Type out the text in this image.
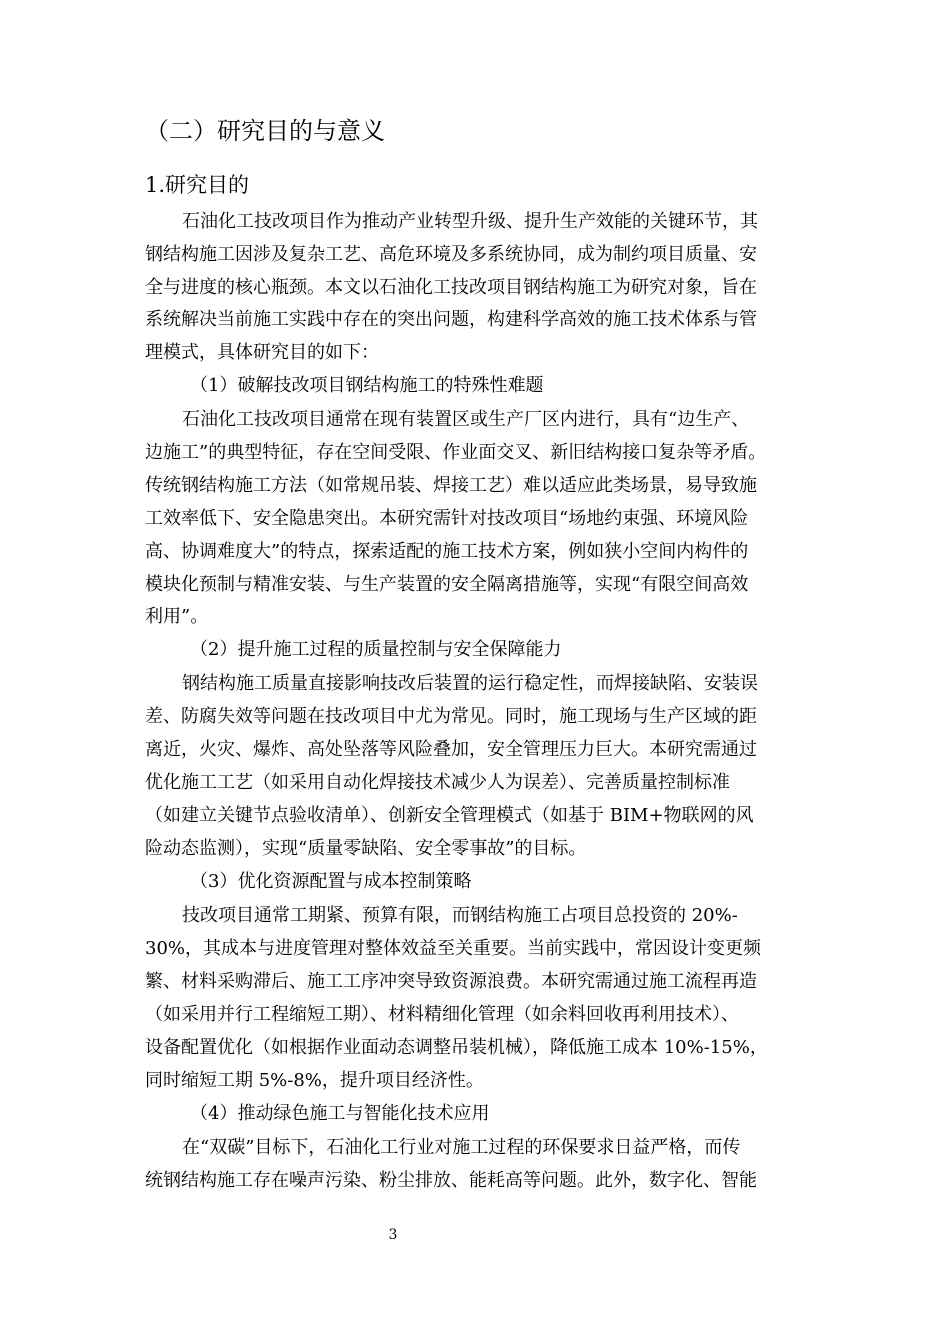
（二）研究目的与意义
1.研究目的
石油化工技改项目作为推动产业转型升级、提升生产效能的关键环节，其
钢结构施工因涉及复杂工艺、高危环境及多系统协同，成为制约项目质量、安
全与进度的核心瓶颈。本文以石油化工技改项目钢结构施工为研究对象，旨在
系统解决当前施工实践中存在的突出问题，构建科学高效的施工技术体系与管
理模式，具体研究目的如下：
（1）破解技改项目钢结构施工的特殊性难题
石油化工技改项目通常在现有装置区或生产厂区内进行，具有“边生产、
边施工”的典型特征，存在空间受限、作业面交叉、新旧结构接口复杂等矛盾。
传统钢结构施工方法（如常规吊装、焊接工艺）难以适应此类场景，易导致施
工效率低下、安全隐患突出。本研究需针对技改项目“场地约束强、环境风险
高、协调难度大”的特点，探索适配的施工技术方案，例如狭小空间内构件的
模块化预制与精准安装、与生产装置的安全隔离措施等，实现“有限空间高效
利用”。
（2）提升施工过程的质量控制与安全保障能力
钢结构施工质量直接影响技改后装置的运行稳定性，而焊接缺陷、安装误
差、防腐失效等问题在技改项目中尤为常见。同时，施工现场与生产区域的距
离近，火灾、爆炸、高处坠落等风险叠加，安全管理压力巨大。本研究需通过
优化施工工艺（如采用自动化焊接技术减少人为误差）、完善质量控制标准
（如建立关键节点验收清单）、创新安全管理模式（如基于 BIM+物联网的风
险动态监测），实现“质量零缺陷、安全零事故”的目标。
（3）优化资源配置与成本控制策略
技改项目通常工期紧、预算有限，而钢结构施工占项目总投资的 20%-
30%，其成本与进度管理对整体效益至关重要。当前实践中，常因设计变更频
繁、材料采购滞后、施工工序冲突导致资源浪费。本研究需通过施工流程再造
（如采用并行工程缩短工期）、材料精细化管理（如余料回收再利用技术）、
设备配置优化（如根据作业面动态调整吊装机械），降低施工成本 10%-15%，
同时缩短工期 5%-8%，提升项目经济性。
（4）推动绿色施工与智能化技术应用
在“双碳”目标下，石油化工行业对施工过程的环保要求日益严格，而传
统钢结构施工存在噪声污染、粉尘排放、能耗高等问题。此外，数字化、智能
3
